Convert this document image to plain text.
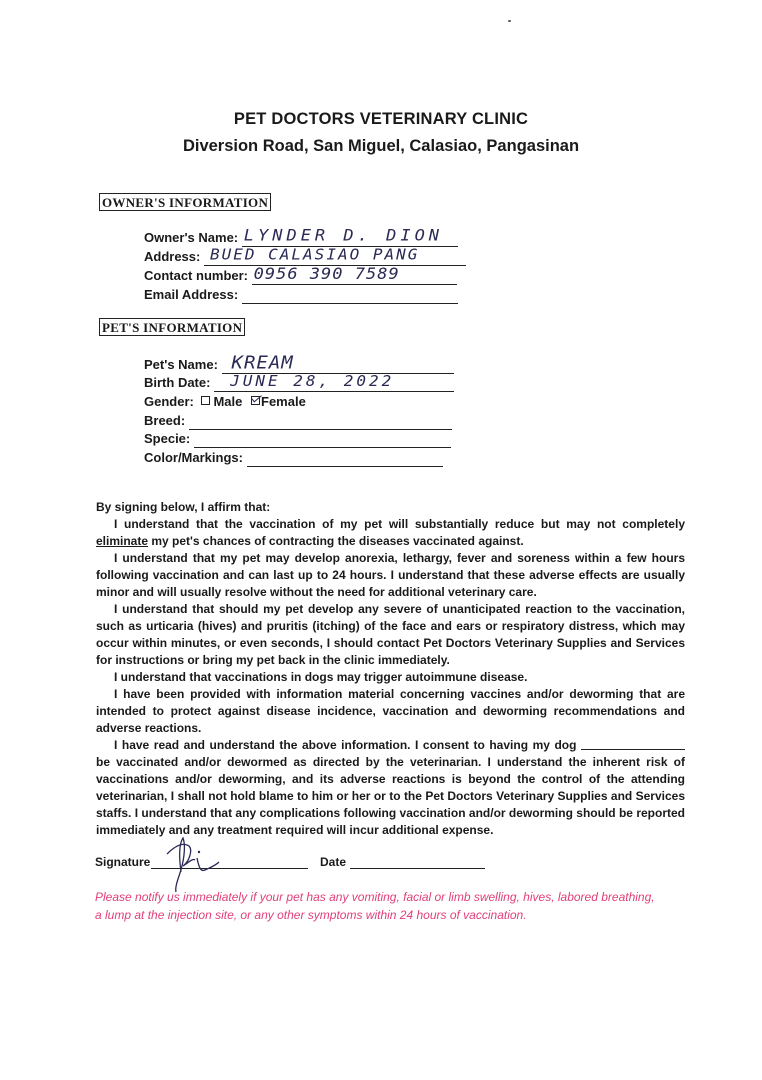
PET DOCTORS VETERINARY CLINIC
Diversion Road, San Miguel, Calasiao, Pangasinan
OWNER'S INFORMATION
Owner's Name: LYNDER D. DION
Address: BUED CALASIAO PANG
Contact number: 0956 390 7589
Email Address:
PET'S INFORMATION
Pet's Name: KREAM
Birth Date: JUNE 28, 2022
Gender: Male Female
Breed:
Specie:
Color/Markings:

By signing below, I affirm that:

I understand that the vaccination of my pet will substantially reduce but may not completely eliminate my pet's chances of contracting the diseases vaccinated against.

I understand that my pet may develop anorexia, lethargy, fever and soreness within a few hours following vaccination and can last up to 24 hours. I understand that these adverse effects are usually minor and will usually resolve without the need for additional veterinary care.

I understand that should my pet develop any severe of unanticipated reaction to the vaccination, such as urticaria (hives) and pruritis (itching) of the face and ears or respiratory distress, which may occur within minutes, or even seconds, I should contact Pet Doctors Veterinary Supplies and Services for instructions or bring my pet back in the clinic immediately.

I understand that vaccinations in dogs may trigger autoimmune disease.

I have been provided with information material concerning vaccines and/or deworming that are intended to protect against disease incidence, vaccination and deworming recommendations and adverse reactions.

I have read and understand the above information. I consent to having my dog  be vaccinated and/or dewormed as directed by the veterinarian. I understand the inherent risk of vaccinations and/or deworming, and its adverse reactions is beyond the control of the attending veterinarian, I shall not hold blame to him or her or to the Pet Doctors Veterinary Supplies and Services staffs. I understand that any complications following vaccination and/or deworming should be reported immediately and any treatment required will incur additional expense.

Signature	Date
Please notify us immediately if your pet has any vomiting, facial or limb swelling, hives, labored breathing, a lump at the injection site, or any other symptoms within 24 hours of vaccination.
